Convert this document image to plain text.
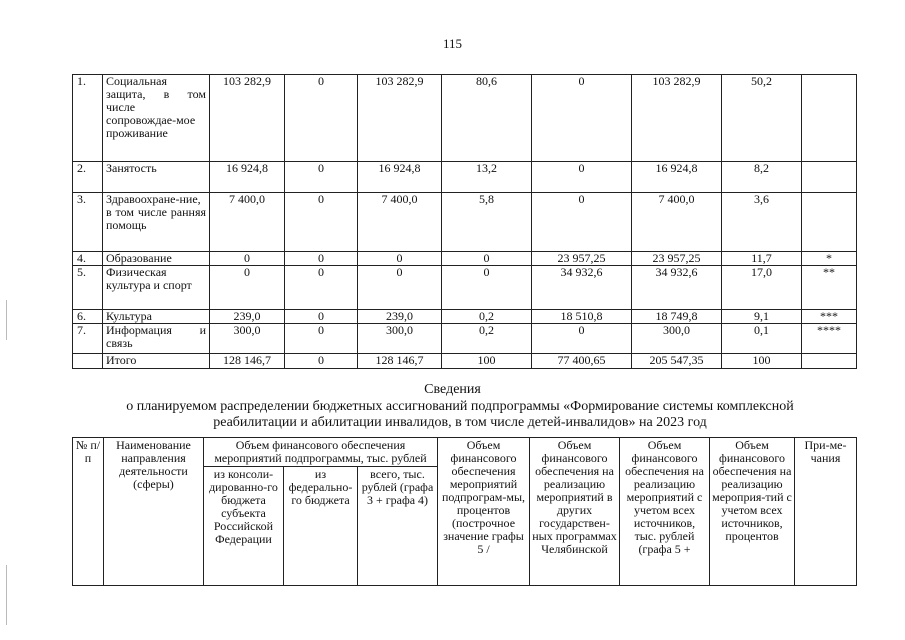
115
1.	Социальная защита, в том числе сопровождае-мое проживание	103 282,9	0	103 282,9	80,6	0	103 282,9	50,2	
2.	Занятость	16 924,8	0	16 924,8	13,2	0	16 924,8	8,2	
3.	Здравоохране-ние, в том числе ранняя помощь	7 400,0	0	7 400,0	5,8	0	7 400,0	3,6	
4.	Образование	0	0	0	0	23 957,25	23 957,25	11,7	*
5.	Физическая культура и спорт	0	0	0	0	34 932,6	34 932,6	17,0	**
6.	Культура	239,0	0	239,0	0,2	18 510,8	18 749,8	9,1	***
7.	Информация и связь	300,0	0	300,0	0,2	0	300,0	0,1	****
	Итого	128 146,7	0	128 146,7	100	77 400,65	205 547,35	100	
Сведения
о планируемом распределении бюджетных ассигнований подпрограммы «Формирование системы комплексной реабилитации и абилитации инвалидов, в том числе детей-инвалидов» на 2023 год
№ п/п	Наименование направления деятельности (сферы)	Объем финансового обеспечения мероприятий подпрограммы, тыс. рублей			Объем финансового обеспечения мероприятий подпрограм-мы, процентов (построчное значение графы 5 /	Объем финансового обеспечения на реализацию мероприятий в других государствен-ных программах Челябинской	Объем финансового обеспечения на реализацию мероприятий с учетом всех источников, тыс. рублей (графа 5 +	Объем финансового обеспечения на реализацию мероприя-тий с учетом всех источников, процентов	При-ме-чания
		из консоли-дированно-го бюджета субъекта Российской Федерации	из федерально-го бюджета	всего, тыс. рублей (графа 3 + графа 4)					
